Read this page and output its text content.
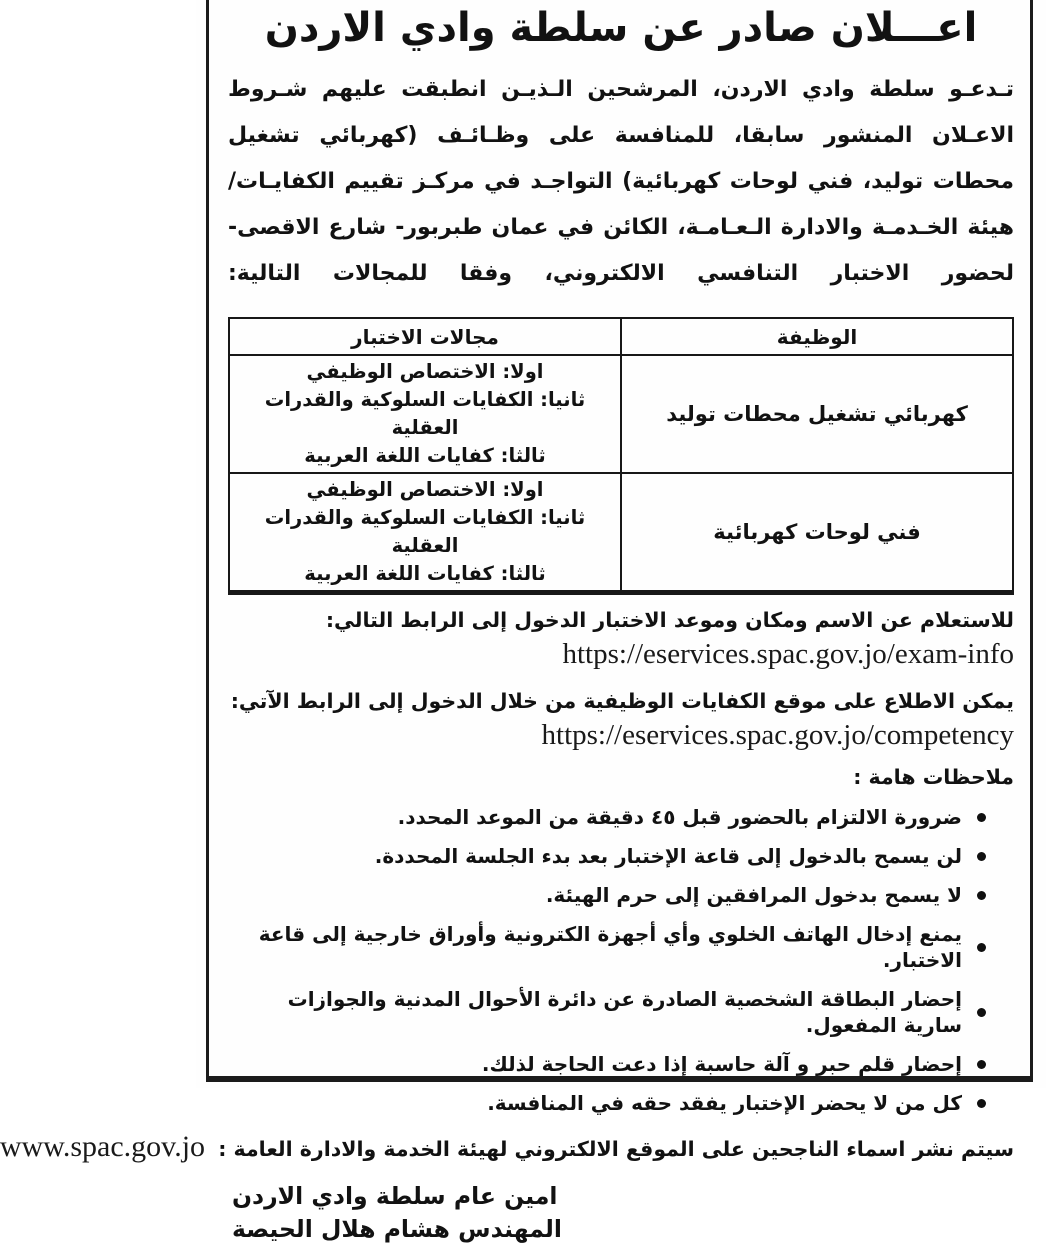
اعـــلان صادر عن سلطة وادي الاردن
تـدعـو سلطة وادي الاردن، المرشحين الـذيـن انطبقت عليهم شـروط الاعـلان المنشور سابقا، للمنافسة على وظـائـف (كهربائي تشغيل محطات توليد، فني لوحات كهربائية) التواجـد في مركـز تقييم الكفايـات/ هيئة الخـدمـة والادارة الـعـامـة، الكائن في عمان طبربور- شارع الاقصى- لحضور الاختبار التنافسي الالكتروني، وفقا للمجالات التالية:
الوظيفة	مجالات الاختبار
كهربائي تشغيل محطات توليد	اولا: الاختصاص الوظيفي
ثانيا: الكفايات السلوكية والقدرات العقلية
ثالثا: كفايات اللغة العربية

فني لوحات كهربائية	اولا: الاختصاص الوظيفي
ثانيا: الكفايات السلوكية والقدرات العقلية
ثالثا: كفايات اللغة العربية
للاستعلام عن الاسم ومكان وموعد الاختبار الدخول إلى الرابط التالي:
https://eservices.spac.gov.jo/exam-info
يمكن الاطلاع على موقع الكفايات الوظيفية من خلال الدخول إلى الرابط الآتي:
https://eservices.spac.gov.jo/competency
ملاحظات هامة :
ضرورة الالتزام بالحضور قبل ٤٥ دقيقة من الموعد المحدد.
لن يسمح بالدخول إلى قاعة الإختبار بعد بدء الجلسة المحددة.
لا يسمح بدخول المرافقين إلى حرم الهيئة.
يمنع إدخال الهاتف الخلوي وأي أجهزة الكترونية وأوراق خارجية إلى قاعة الاختبار.
إحضار البطاقة الشخصية الصادرة عن دائرة الأحوال المدنية والجوازات سارية المفعول.
إحضار قلم حبر و آلة حاسبة إذا دعت الحاجة لذلك.
كل من لا يحضر الإختبار يفقد حقه في المنافسة.
سيتم نشر اسماء الناجحين على الموقع الالكتروني لهيئة الخدمة والادارة العامة : www.spac.gov.jo
امين عام سلطة وادي الاردن
المهندس هشام هلال الحيصة
